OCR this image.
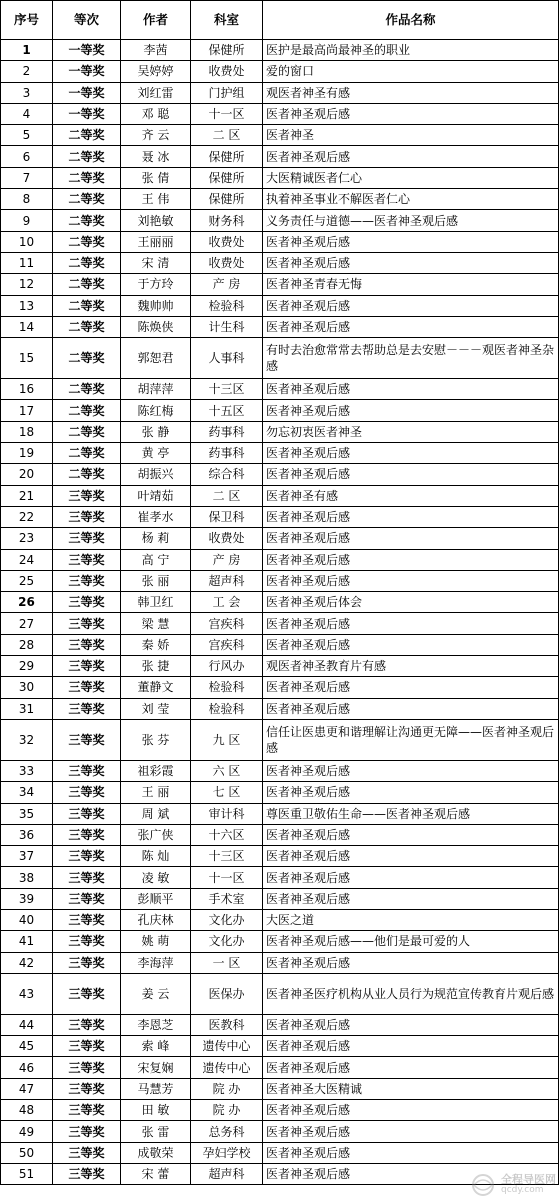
序号	等次	作者	科室	作品名称
1	一等奖	李茜	保健所	医护是最高尚最神圣的职业
2	一等奖	吴婷婷	收费处	爱的窗口
3	一等奖	刘红雷	门护组	观医者神圣有感
4	一等奖	邓 聪	十一区	医者神圣观后感
5	二等奖	齐 云	二 区	医者神圣
6	二等奖	聂 冰	保健所	医者神圣观后感
7	二等奖	张 倩	保健所	大医精诚医者仁心
8	二等奖	王 伟	保健所	执着神圣事业不解医者仁心
9	二等奖	刘艳敏	财务科	义务责任与道德——医者神圣观后感
10	二等奖	王丽丽	收费处	医者神圣观后感
11	二等奖	宋 清	收费处	医者神圣观后感
12	二等奖	于方玲	产 房	医者神圣青春无悔
13	二等奖	魏帅帅	检验科	医者神圣观后感
14	二等奖	陈焕侠	计生科	医者神圣观后感
15	二等奖	郭恕君	人事科	有时去治愈常常去帮助总是去安慰－－－观医者神圣杂感
16	二等奖	胡萍萍	十三区	医者神圣观后感
17	二等奖	陈红梅	十五区	医者神圣观后感
18	二等奖	张 静	药事科	勿忘初衷医者神圣
19	二等奖	黄 亭	药事科	医者神圣观后感
20	二等奖	胡振兴	综合科	医者神圣观后感
21	三等奖	叶靖茹	二 区	医者神圣有感
22	三等奖	崔孝水	保卫科	医者神圣观后感
23	三等奖	杨 莉	收费处	医者神圣观后感
24	三等奖	高 宁	产 房	医者神圣观后感
25	三等奖	张 丽	超声科	医者神圣观后感
26	三等奖	韩卫红	工 会	医者神圣观后体会
27	三等奖	梁 慧	宫疾科	医者神圣观后感
28	三等奖	秦 娇	宫疾科	医者神圣观后感
29	三等奖	张 捷	行风办	观医者神圣教育片有感
30	三等奖	董静文	检验科	医者神圣观后感
31	三等奖	刘 莹	检验科	医者神圣观后感
32	三等奖	张 芬	九 区	信任让医患更和谐理解让沟通更无障——医者神圣观后感
33	三等奖	祖彩霞	六 区	医者神圣观后感
34	三等奖	王 丽	七 区	医者神圣观后感
35	三等奖	周 斌	审计科	尊医重卫敬佑生命——医者神圣观后感
36	三等奖	张广侠	十六区	医者神圣观后感
37	三等奖	陈 灿	十三区	医者神圣观后感
38	三等奖	凌 敏	十一区	医者神圣观后感
39	三等奖	彭顺平	手术室	医者神圣观后感
40	三等奖	孔庆林	文化办	大医之道
41	三等奖	姚 萌	文化办	医者神圣观后感——他们是最可爱的人
42	三等奖	李海萍	一 区	医者神圣观后感
43	三等奖	姜 云	医保办	医者神圣医疗机构从业人员行为规范宣传教育片观后感
44	三等奖	李恩芝	医教科	医者神圣观后感
45	三等奖	索 峰	遗传中心	医者神圣观后感
46	三等奖	宋复娴	遗传中心	医者神圣观后感
47	三等奖	马慧芳	院 办	医者神圣大医精诚
48	三等奖	田 敏	院 办	医者神圣观后感
49	三等奖	张 雷	总务科	医者神圣观后感
50	三等奖	成敬荣	孕妇学校	医者神圣观后感
51	三等奖	宋 蕾	超声科	医者神圣观后感	全程导医网
qcdy.com
